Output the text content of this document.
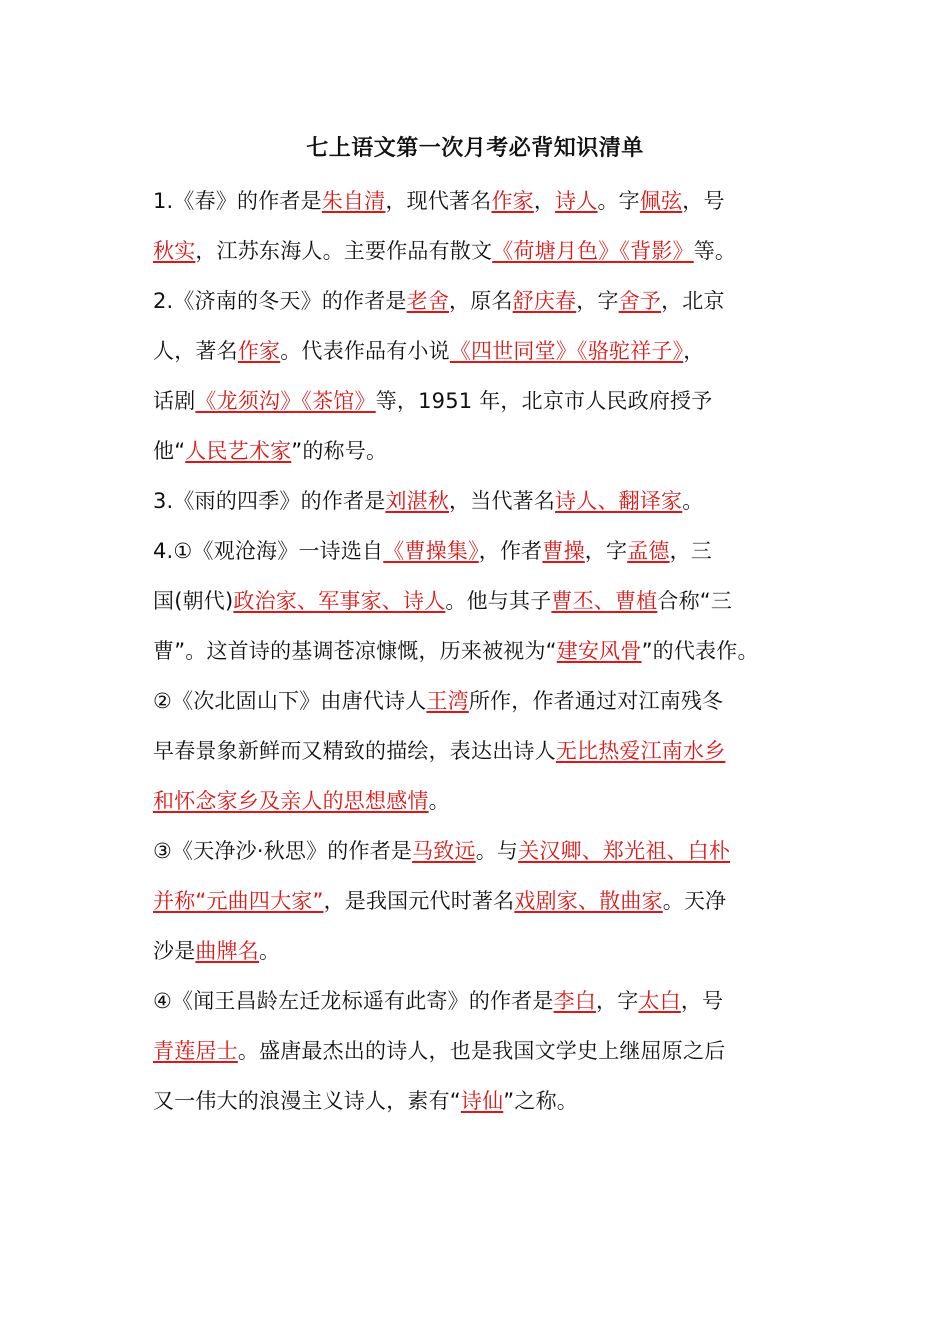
七上语文第一次月考必背知识清单
1.《春》的作者是朱自清，现代著名作家，诗人。字佩弦，号
秋实，江苏东海人。主要作品有散文《荷塘月色》《背影》等。
2.《济南的冬天》的作者是老舍，原名舒庆春，字舍予，北京
人，著名作家。代表作品有小说《四世同堂》《骆驼祥子》，
话剧《龙须沟》《茶馆》等，1951 年，北京市人民政府授予
他“人民艺术家”的称号。
3.《雨的四季》的作者是刘湛秋，当代著名诗人、翻译家。
4.①《观沧海》一诗选自《曹操集》，作者曹操，字孟德，三
国(朝代)政治家、军事家、诗人。他与其子曹丕、曹植合称“三
曹”。这首诗的基调苍凉慷慨，历来被视为“建安风骨”的代表作。
②《次北固山下》由唐代诗人王湾所作，作者通过对江南残冬
早春景象新鲜而又精致的描绘，表达出诗人无比热爱江南水乡
和怀念家乡及亲人的思想感情。
③《天净沙·秋思》的作者是马致远。与关汉卿、郑光祖、白朴
并称“元曲四大家”，是我国元代时著名戏剧家、散曲家。天净
沙是曲牌名。
④《闻王昌龄左迁龙标遥有此寄》的作者是李白，字太白，号
青莲居士。盛唐最杰出的诗人，也是我国文学史上继屈原之后
又一伟大的浪漫主义诗人，素有“诗仙”之称。
